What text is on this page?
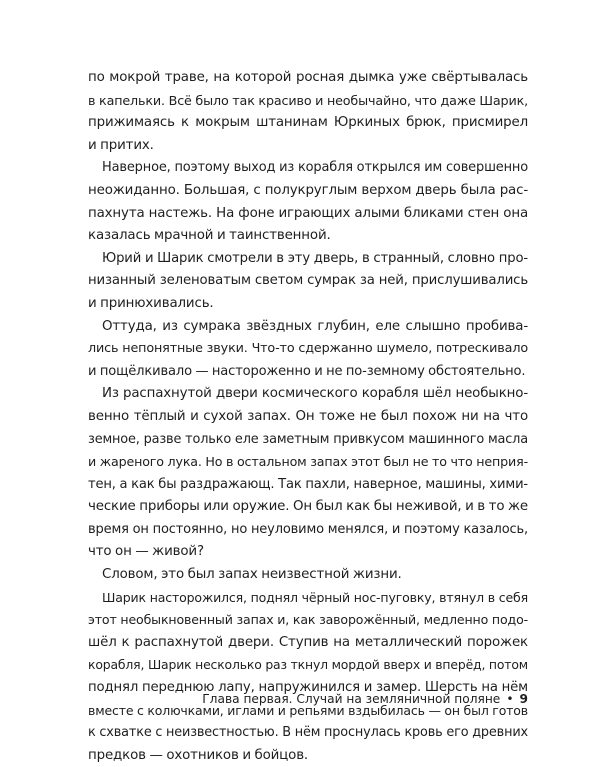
по мокрой траве, на которой росная дымка уже свёртывалась
в капельки. Всё было так красиво и необычайно, что даже Шарик,
прижимаясь к мокрым штанинам Юркиных брюк, присмирел
и притих.
Наверное, поэтому выход из корабля открылся им совершенно
неожиданно. Большая, с полукруглым верхом дверь была рас-
пахнута настежь. На фоне играющих алыми бликами стен она
казалась мрачной и таинственной.
Юрий и Шарик смотрели в эту дверь, в странный, словно про-
низанный зеленоватым светом сумрак за ней, прислушивались
и принюхивались.
Оттуда, из сумрака звёздных глубин, еле слышно пробива-
лись непонятные звуки. Что-то сдержанно шумело, потрескивало
и пощёлкивало — настороженно и не по-земному обстоятельно.
Из распахнутой двери космического корабля шёл необыкно-
венно тёплый и сухой запах. Он тоже не был похож ни на что
земное, разве только еле заметным привкусом машинного масла
и жареного лука. Но в остальном запах этот был не то что неприя-
тен, а как бы раздражающ. Так пахли, наверное, машины, хими-
ческие приборы или оружие. Он был как бы неживой, и в то же
время он постоянно, но неуловимо менялся, и поэтому казалось,
что он — живой?
Словом, это был запах неизвестной жизни.
Шарик насторожился, поднял чёрный нос-пуговку, втянул в себя
этот необыкновенный запах и, как заворожённый, медленно подо-
шёл к распахнутой двери. Ступив на металлический порожек
корабля, Шарик несколько раз ткнул мордой вверх и вперёд, потом
поднял переднюю лапу, напружинился и замер. Шерсть на нём
вместе с колючками, иглами и репьями вздыбилась — он был готов
к схватке с неизвестностью. В нём проснулась кровь его древних
предков — охотников и бойцов.
Глава первая. Случай на земляничной поляне • 9
